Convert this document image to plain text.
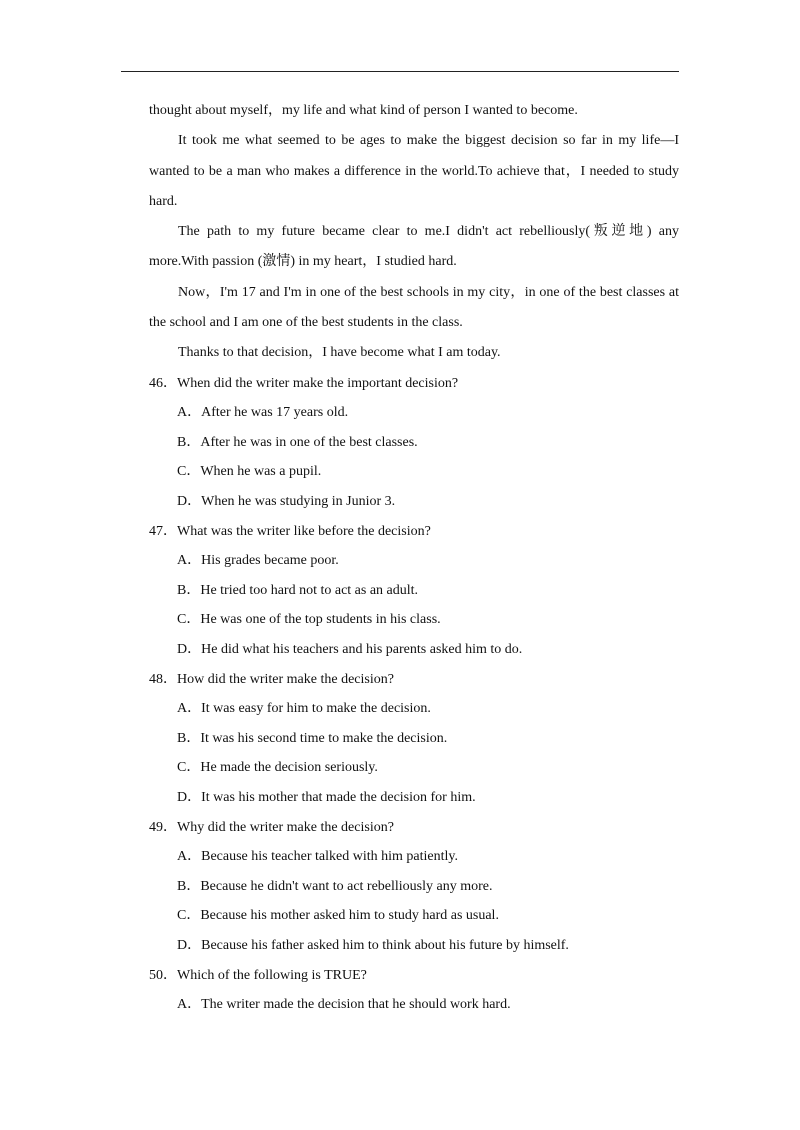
thought about myself，my life and what kind of person I wanted to become.

It took me what seemed to be ages to make the biggest decision so far in my life—I wanted to be a man who makes a difference in the world.To achieve that，I needed to study hard.

The path to my future became clear to me.I didn't act rebelliously(叛逆地) any more.With passion (激情) in my heart，I studied hard.

Now，I'm 17 and I'm in one of the best schools in my city，in one of the best classes at the school and I am one of the best students in the class.

Thanks to that decision，I have become what I am today.

46．When did the writer make the important decision?

A．After he was 17 years old.

B．After he was in one of the best classes.

C．When he was a pupil.

D．When he was studying in Junior 3.

47．What was the writer like before the decision?

A．His grades became poor.

B．He tried too hard not to act as an adult.

C．He was one of the top students in his class.

D．He did what his teachers and his parents asked him to do.

48．How did the writer make the decision?

A．It was easy for him to make the decision.

B．It was his second time to make the decision.

C．He made the decision seriously.

D．It was his mother that made the decision for him.

49．Why did the writer make the decision?

A．Because his teacher talked with him patiently.

B．Because he didn't want to act rebelliously any more.

C．Because his mother asked him to study hard as usual.

D．Because his father asked him to think about his future by himself.

50．Which of the following is TRUE?

A．The writer made the decision that he should work hard.
